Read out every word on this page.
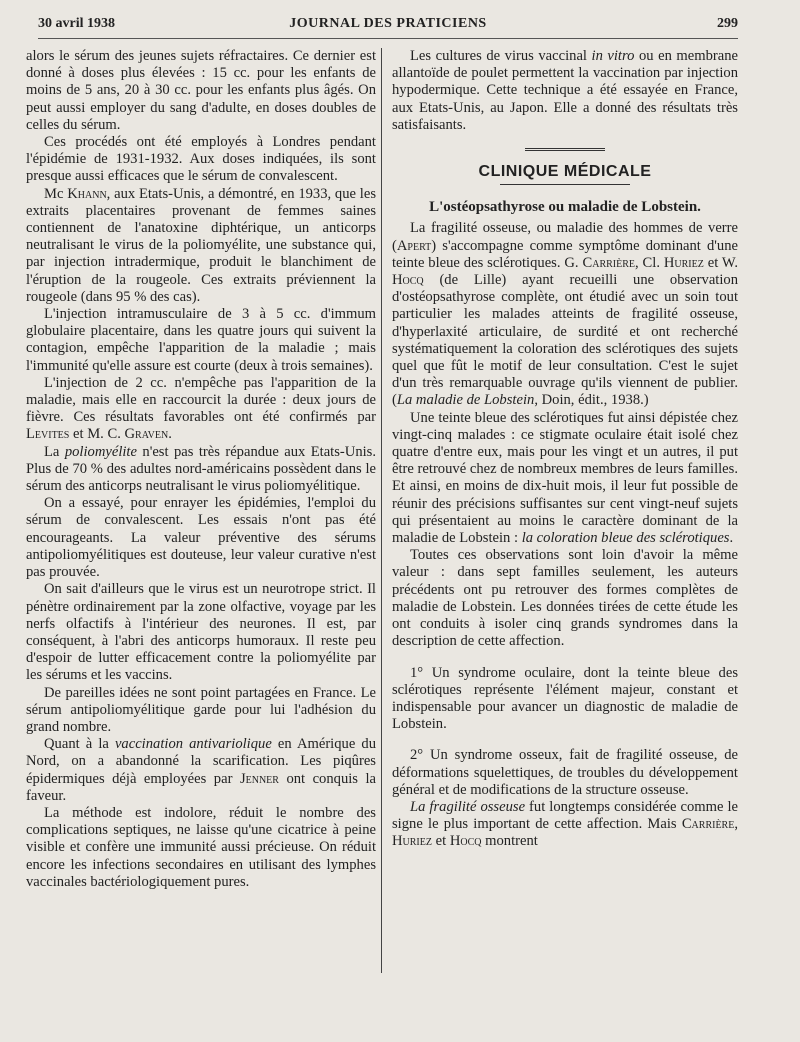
30 avril 1938	JOURNAL DES PRATICIENS	299

alors le sérum des jeunes sujets réfractaires. Ce dernier est donné à doses plus élevées : 15 cc. pour les enfants de moins de 5 ans, 20 à 30 cc. pour les enfants plus âgés. On peut aussi employer du sang d'adulte, en doses doubles de celles du sérum.

Ces procédés ont été employés à Londres pendant l'épidémie de 1931-1932. Aux doses indiquées, ils sont presque aussi efficaces que le sérum de convalescent.

Mc Khann, aux Etats-Unis, a démontré, en 1933, que les extraits placentaires provenant de femmes saines contiennent de l'anatoxine diphtérique, un anticorps neutralisant le virus de la poliomyélite, une substance qui, par injection intradermique, produit le blanchiment de l'éruption de la rougeole. Ces extraits préviennent la rougeole (dans 95 % des cas).

L'injection intramusculaire de 3 à 5 cc. d'immum globulaire placentaire, dans les quatre jours qui suivent la contagion, empêche l'apparition de la maladie ; mais l'immunité qu'elle assure est courte (deux à trois semaines).

L'injection de 2 cc. n'empêche pas l'apparition de la maladie, mais elle en raccourcit la durée : deux jours de fièvre. Ces résultats favorables ont été confirmés par Levites et M. C. Graven.

La poliomyélite n'est pas très répandue aux Etats-Unis. Plus de 70 % des adultes nord-américains possèdent dans le sérum des anticorps neutralisant le virus poliomyélitique.

On a essayé, pour enrayer les épidémies, l'emploi du sérum de convalescent. Les essais n'ont pas été encourageants. La valeur préventive des sérums antipoliomyélitiques est douteuse, leur valeur curative n'est pas prouvée.

On sait d'ailleurs que le virus est un neurotrope strict. Il pénètre ordinairement par la zone olfactive, voyage par les nerfs olfactifs à l'intérieur des neurones. Il est, par conséquent, à l'abri des anticorps humoraux. Il reste peu d'espoir de lutter efficacement contre la poliomyélite par les sérums et les vaccins.

De pareilles idées ne sont point partagées en France. Le sérum antipoliomyélitique garde pour lui l'adhésion du grand nombre.

Quant à la vaccination antivariolique en Amérique du Nord, on a abandonné la scarification. Les piqûres épidermiques déjà employées par Jenner ont conquis la faveur.

La méthode est indolore, réduit le nombre des complications septiques, ne laisse qu'une cicatrice à peine visible et confère une immunité aussi précieuse. On réduit encore les infections secondaires en utilisant des lymphes vaccinales bactériologiquement pures.

Les cultures de virus vaccinal in vitro ou en membrane allantoïde de poulet permettent la vaccination par injection hypodermique. Cette technique a été essayée en France, aux Etats-Unis, au Japon. Elle a donné des résultats très satisfaisants.

CLINIQUE MÉDICALE
L'ostéopsathyrose ou maladie de Lobstein.

La fragilité osseuse, ou maladie des hommes de verre (Apert) s'accompagne comme symptôme dominant d'une teinte bleue des sclérotiques. G. Carrière, Cl. Huriez et W. Hocq (de Lille) ayant recueilli une observation d'ostéopsathyrose complète, ont étudié avec un soin tout particulier les malades atteints de fragilité osseuse, d'hyperlaxité articulaire, de surdité et ont recherché systématiquement la coloration des sclérotiques des sujets quel que fût le motif de leur consultation. C'est le sujet d'un très remarquable ouvrage qu'ils viennent de publier. (La maladie de Lobstein, Doin, édit., 1938.)

Une teinte bleue des sclérotiques fut ainsi dépistée chez vingt-cinq malades : ce stigmate oculaire était isolé chez quatre d'entre eux, mais pour les vingt et un autres, il put être retrouvé chez de nombreux membres de leurs familles. Et ainsi, en moins de dix-huit mois, il leur fut possible de réunir des précisions suffisantes sur cent vingt-neuf sujets qui présentaient au moins le caractère dominant de la maladie de Lobstein : la coloration bleue des sclérotiques.

Toutes ces observations sont loin d'avoir la même valeur : dans sept familles seulement, les auteurs précédents ont pu retrouver des formes complètes de maladie de Lobstein. Les données tirées de cette étude les ont conduits à isoler cinq grands syndromes dans la description de cette affection.

1° Un syndrome oculaire, dont la teinte bleue des sclérotiques représente l'élément majeur, constant et indispensable pour avancer un diagnostic de maladie de Lobstein.

2° Un syndrome osseux, fait de fragilité osseuse, de déformations squelettiques, de troubles du développement général et de modifications de la structure osseuse.

La fragilité osseuse fut longtemps considérée comme le signe le plus important de cette affection. Mais Carrière, Huriez et Hocq montrent
